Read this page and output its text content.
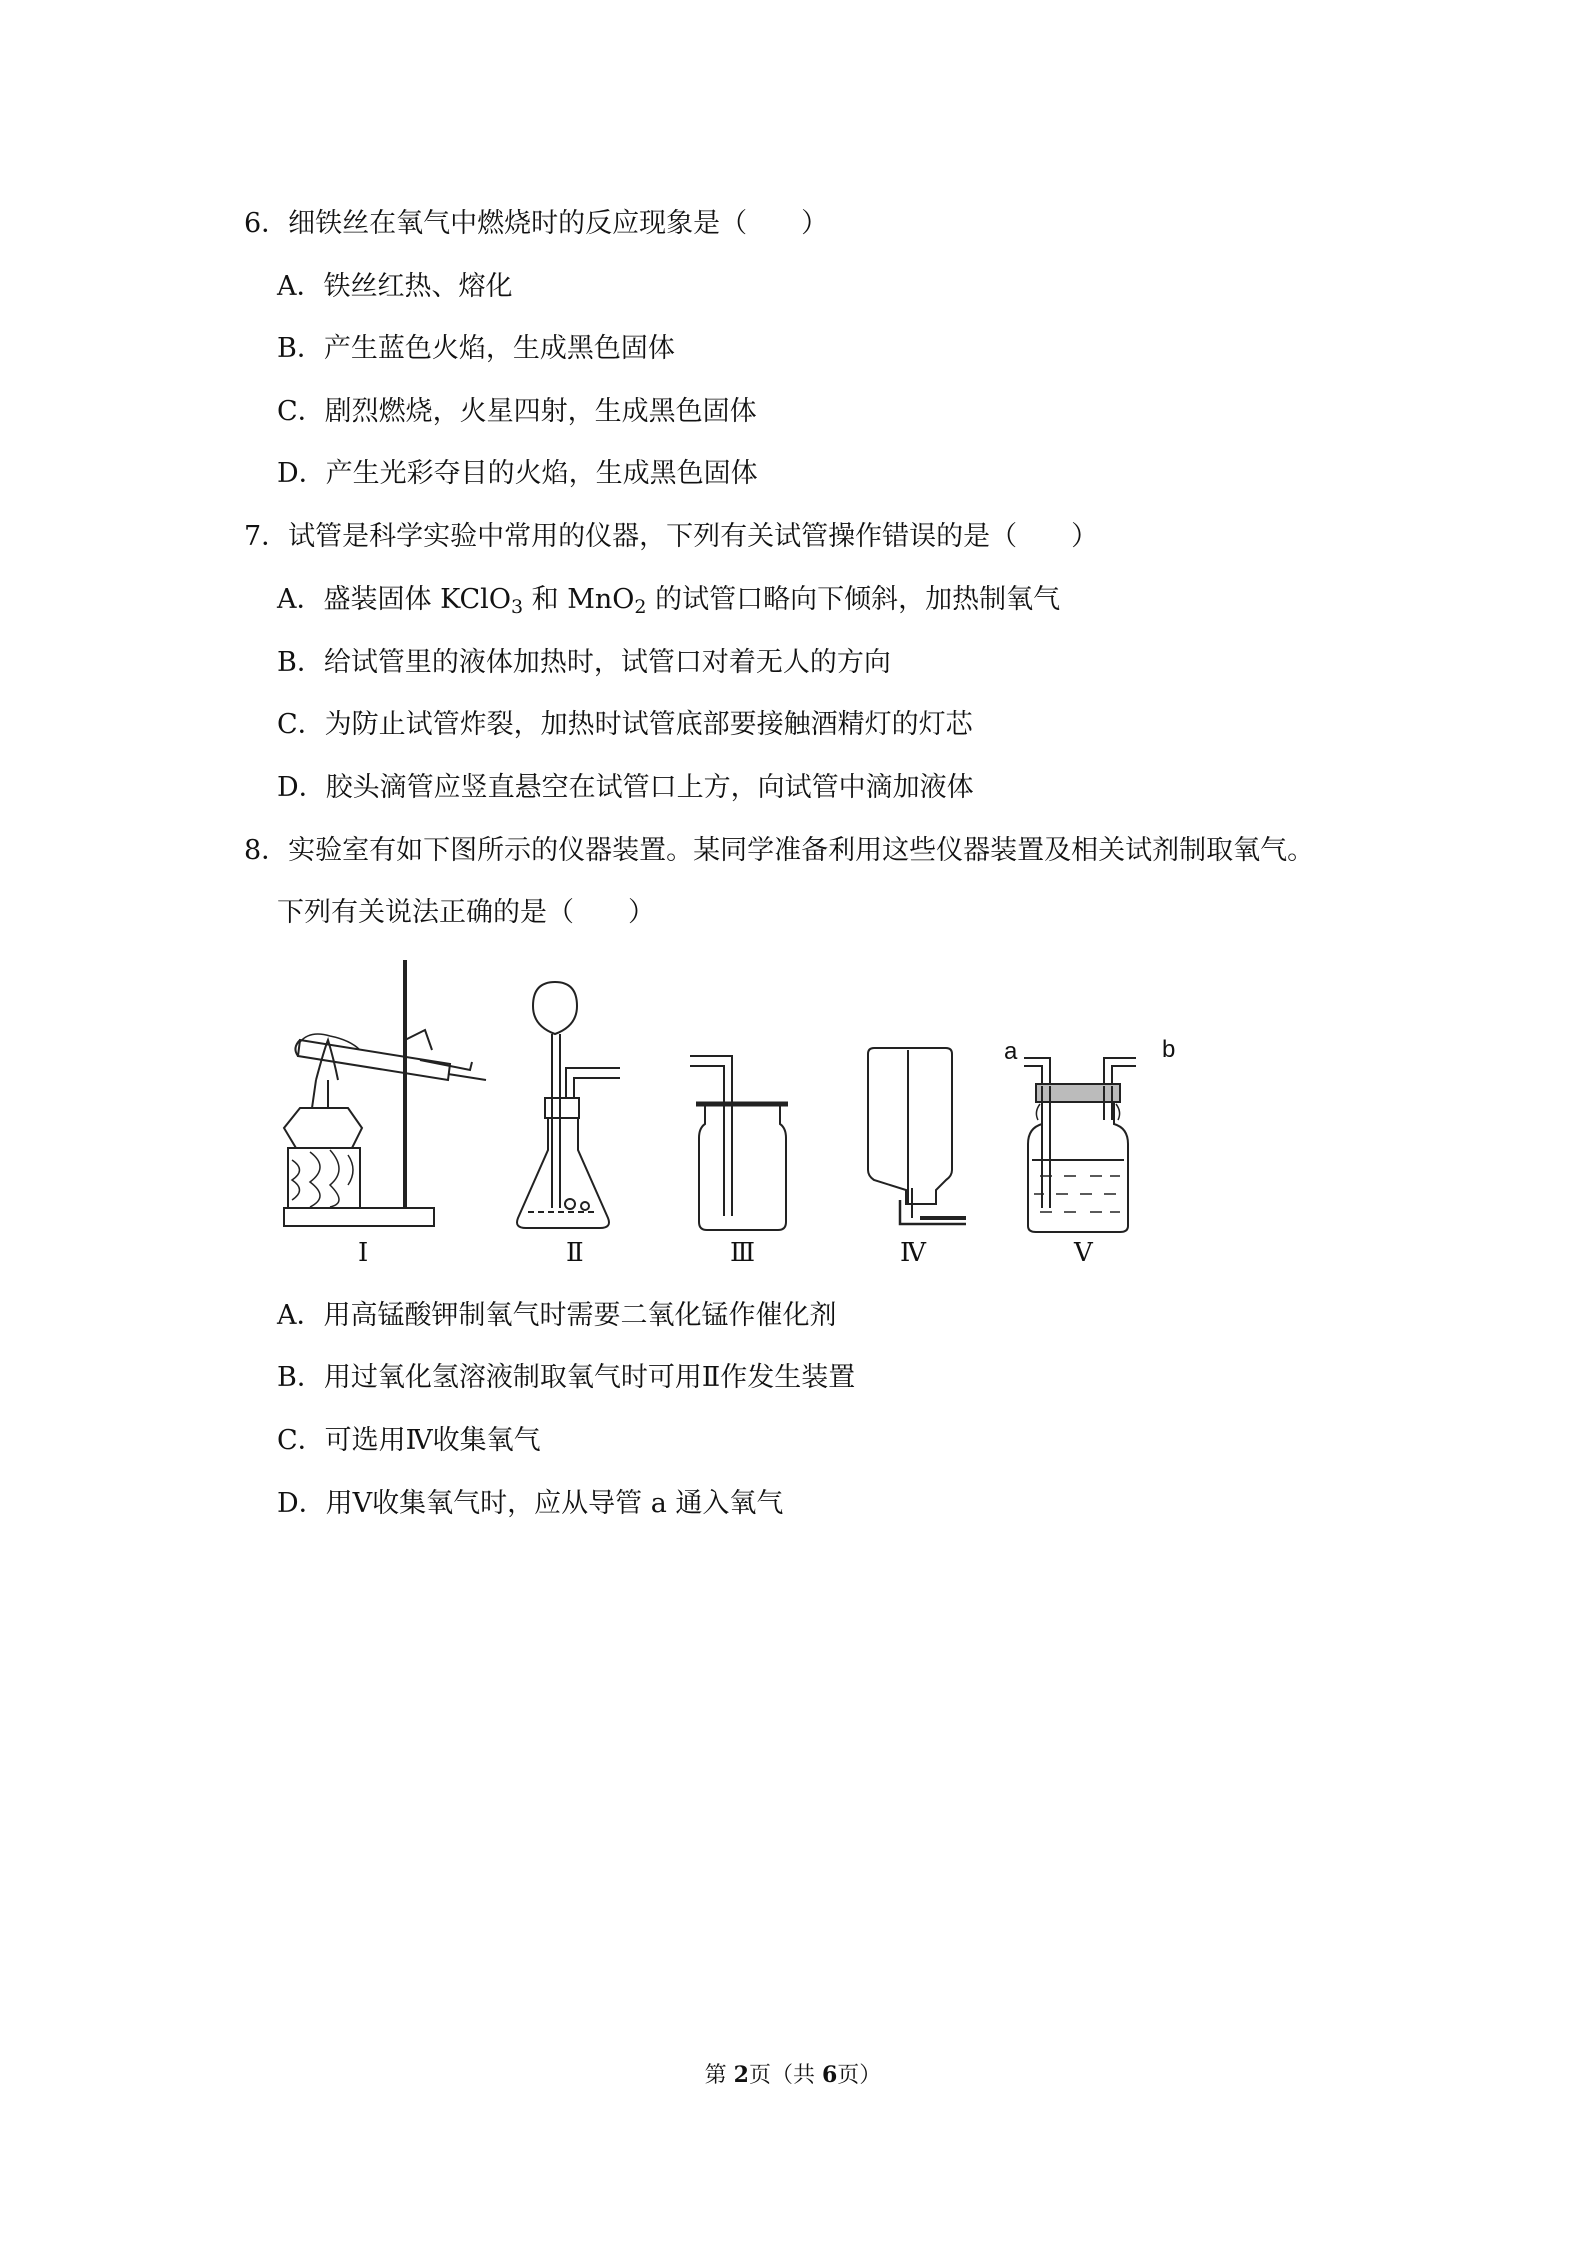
6．细铁丝在氧气中燃烧时的反应现象是（　　）
A．铁丝红热、熔化
B．产生蓝色火焰，生成黑色固体
C．剧烈燃烧，火星四射，生成黑色固体
D．产生光彩夺目的火焰，生成黑色固体
7．试管是科学实验中常用的仪器，下列有关试管操作错误的是（　　）
A．盛装固体 KClO$_3$ 和 MnO$_2$ 的试管口略向下倾斜，加热制氧气
B．给试管里的液体加热时，试管口对着无人的方向
C．为防止试管炸裂，加热时试管底部要接触酒精灯的灯芯
D．胶头滴管应竖直悬空在试管口上方，向试管中滴加液体
8．实验室有如下图所示的仪器装置。某同学准备利用这些仪器装置及相关试剂制取氧气。
下列有关说法正确的是（　　）
a	b
Ⅰ	Ⅱ	Ⅲ	Ⅳ	Ⅴ
A．用高锰酸钾制氧气时需要二氧化锰作催化剂
B．用过氧化氢溶液制取氧气时可用Ⅱ作发生装置
C．可选用Ⅳ收集氧气
D．用Ⅴ收集氧气时，应从导管 a 通入氧气
第 2页（共 6页）
